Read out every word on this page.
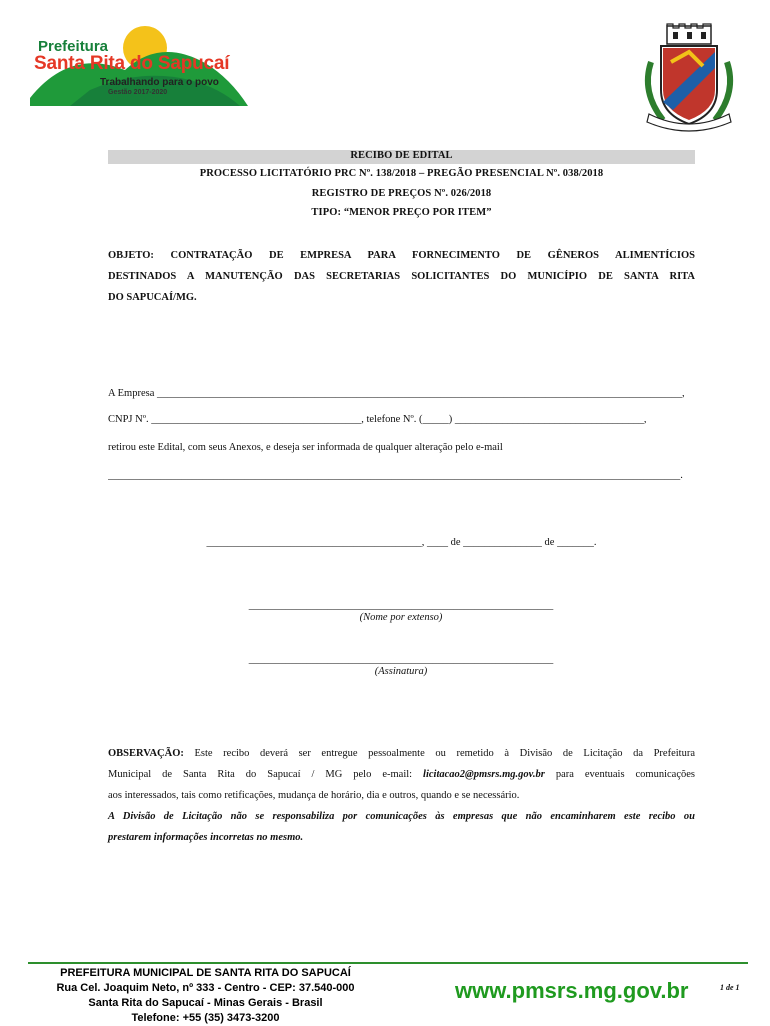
Prefeitura
Santa Rita do Sapucaí
Trabalhando para o povo
Gestão 2017-2020
RECIBO DE EDITAL
PROCESSO LICITATÓRIO PRC Nº. 138/2018 – PREGÃO PRESENCIAL Nº. 038/2018
REGISTRO DE PREÇOS Nº. 026/2018
TIPO: “MENOR PREÇO POR ITEM”
OBJETO: CONTRATAÇÃO DE EMPRESA PARA FORNECIMENTO DE GÊNEROS ALIMENTÍCIOS
DESTINADOS A MANUTENÇÃO DAS SECRETARIAS SOLICITANTES DO MUNICÍPIO DE SANTA RITA
DO SAPUCAÍ/MG.
A Empresa ____________________________________________________________________________________________________,
CNPJ Nº. ________________________________________, telefone Nº. (_____) ____________________________________,
retirou este Edital, com seus Anexos, e deseja ser informada de qualquer alteração pelo e-mail
_____________________________________________________________________________________________________________.
_________________________________________, ____ de _______________ de _______.
__________________________________________________________
(Nome por extenso)
__________________________________________________________
(Assinatura)
OBSERVAÇÃO: Este recibo deverá ser entregue pessoalmente ou remetido à Divisão de Licitação da Prefeitura
Municipal de Santa Rita do Sapucaí / MG pelo e-mail: licitacao2@pmsrs.mg.gov.br para eventuais comunicações
aos interessados, tais como retificações, mudança de horário, dia e outros, quando e se necessário.
A Divisão de Licitação não se responsabiliza por comunicações às empresas que não encaminharem este recibo ou
prestarem informações incorretas no mesmo.
PREFEITURA MUNICIPAL DE SANTA RITA DO SAPUCAÍ
Rua Cel. Joaquim Neto, nº 333 - Centro - CEP: 37.540-000
Santa Rita do Sapucaí - Minas Gerais - Brasil
Telefone: +55 (35) 3473-3200
www.pmsrs.mg.gov.br	1 de 1
